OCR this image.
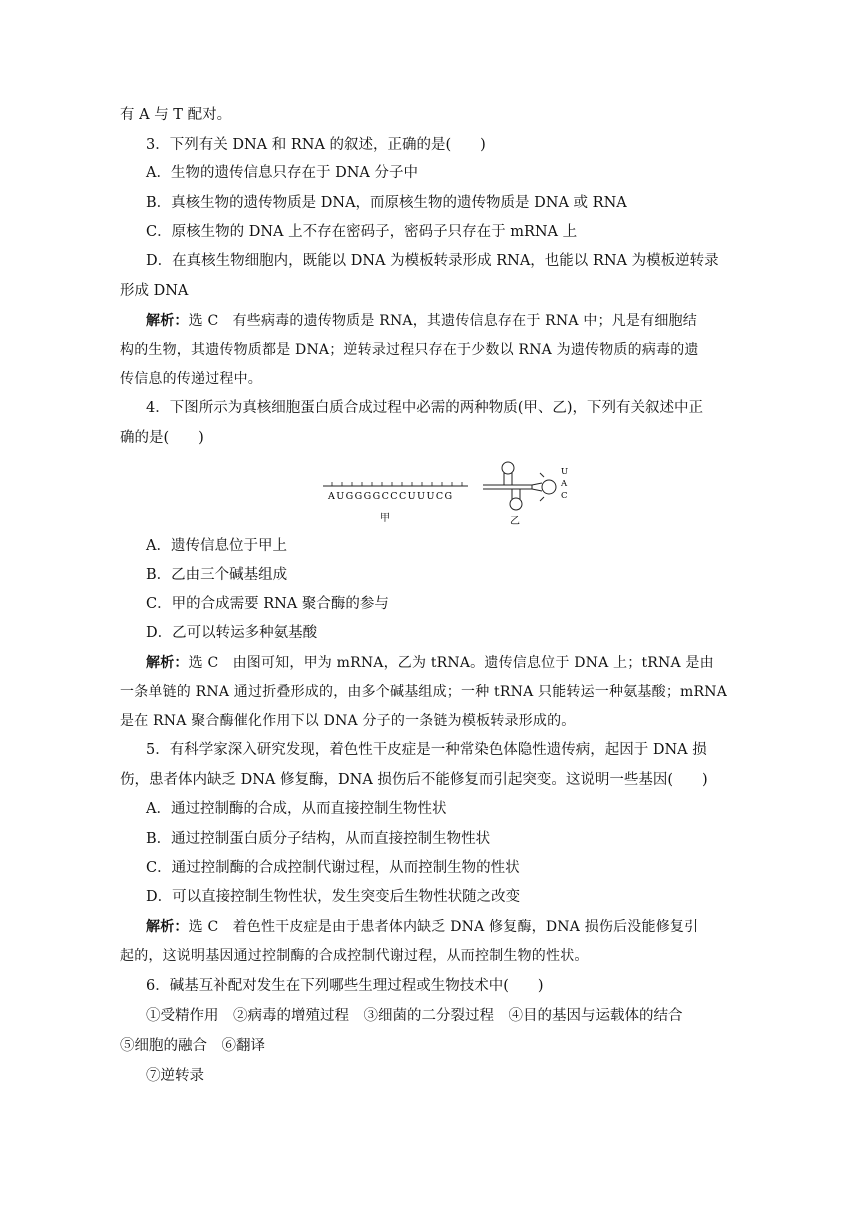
有 A 与 T 配对。
3．下列有关 DNA 和 RNA 的叙述，正确的是(　　)
A．生物的遗传信息只存在于 DNA 分子中
B．真核生物的遗传物质是 DNA，而原核生物的遗传物质是 DNA 或 RNA
C．原核生物的 DNA 上不存在密码子，密码子只存在于 mRNA 上
D．在真核生物细胞内，既能以 DNA 为模板转录形成 RNA，也能以 RNA 为模板逆转录
形成 DNA
解析：选 C　有些病毒的遗传物质是 RNA，其遗传信息存在于 RNA 中；凡是有细胞结
构的生物，其遗传物质都是 DNA；逆转录过程只存在于少数以 RNA 为遗传物质的病毒的遗
传信息的传递过程中。
4．下图所示为真核细胞蛋白质合成过程中必需的两种物质(甲、乙)，下列有关叙述中正
确的是(　　)
AUGGGGCCCUUUCG
甲
U
A
C
乙
A．遗传信息位于甲上
B．乙由三个碱基组成
C．甲的合成需要 RNA 聚合酶的参与
D．乙可以转运多种氨基酸
解析：选 C　由图可知，甲为 mRNA，乙为 tRNA。遗传信息位于 DNA 上；tRNA 是由
一条单链的 RNA 通过折叠形成的，由多个碱基组成；一种 tRNA 只能转运一种氨基酸；mRNA
是在 RNA 聚合酶催化作用下以 DNA 分子的一条链为模板转录形成的。
5．有科学家深入研究发现，着色性干皮症是一种常染色体隐性遗传病，起因于 DNA 损
伤，患者体内缺乏 DNA 修复酶，DNA 损伤后不能修复而引起突变。这说明一些基因(　　)
A．通过控制酶的合成，从而直接控制生物性状
B．通过控制蛋白质分子结构，从而直接控制生物性状
C．通过控制酶的合成控制代谢过程，从而控制生物的性状
D．可以直接控制生物性状，发生突变后生物性状随之改变
解析：选 C　着色性干皮症是由于患者体内缺乏 DNA 修复酶，DNA 损伤后没能修复引
起的，这说明基因通过控制酶的合成控制代谢过程，从而控制生物的性状。
6．碱基互补配对发生在下列哪些生理过程或生物技术中(　　)
①受精作用　②病毒的增殖过程　③细菌的二分裂过程　④目的基因与运载体的结合
⑤细胞的融合　⑥翻译
⑦逆转录
